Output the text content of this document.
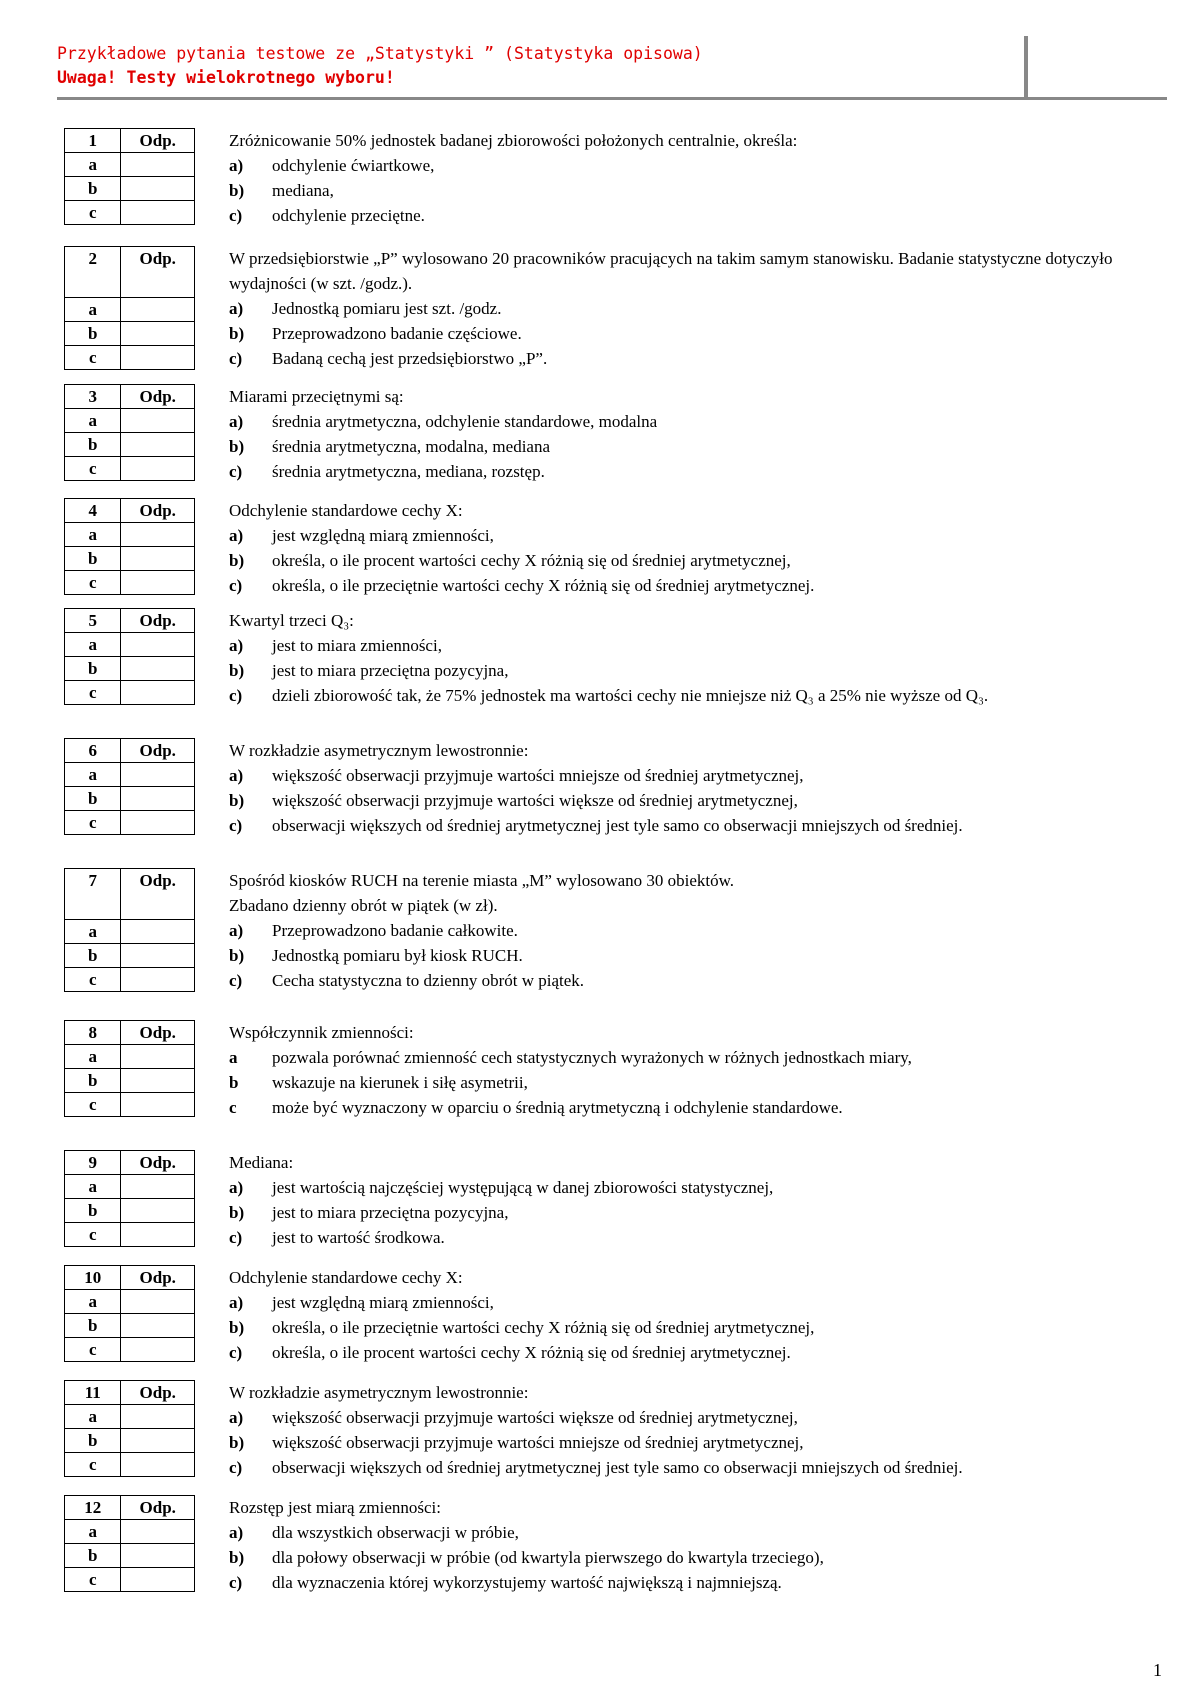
Przykładowe pytania testowe ze „Statystyki ” (Statystyka opisowa)
Uwaga! Testy wielokrotnego wyboru!
1	Odp.
a	
b	
c	
Zróżnicowanie 50% jednostek badanej zbiorowości położonych centralnie, określa:
a)	odchylenie ćwiartkowe,
b)	mediana,
c)	odchylenie przeciętne.
2	Odp.
a	
b	
c	
W przedsiębiorstwie „P” wylosowano 20 pracowników pracujących na takim samym stanowisku. Badanie statystyczne dotyczyło wydajności (w szt. /godz.).
a)	Jednostką pomiaru jest szt. /godz.
b)	Przeprowadzono badanie częściowe.
c)	Badaną cechą jest przedsiębiorstwo „P”.
3	Odp.
a	
b	
c	
Miarami przeciętnymi są:
a)	średnia arytmetyczna, odchylenie standardowe, modalna
b)	średnia arytmetyczna, modalna, mediana
c)	średnia arytmetyczna, mediana, rozstęp.
4	Odp.
a	
b	
c	
Odchylenie standardowe cechy X:
a)	jest względną miarą zmienności,
b)	określa, o ile procent wartości cechy X różnią się od średniej arytmetycznej,
c)	określa, o ile przeciętnie wartości cechy X różnią się od średniej arytmetycznej.
5	Odp.
a	
b	
c	
Kwartyl trzeci Q₃:
a)	jest to miara zmienności,
b)	jest to miara przeciętna pozycyjna,
c)	dzieli zbiorowość tak, że 75% jednostek ma wartości cechy nie mniejsze niż Q₃ a 25% nie wyższe od Q₃.
6	Odp.
a	
b	
c	
W rozkładzie asymetrycznym lewostronnie:
a)	większość obserwacji przyjmuje wartości mniejsze od średniej arytmetycznej,
b)	większość obserwacji przyjmuje wartości większe od średniej arytmetycznej,
c)	obserwacji większych od średniej arytmetycznej jest tyle samo co obserwacji mniejszych od średniej.
7	Odp.
a	
b	
c	
Spośród kiosków RUCH na terenie miasta „M” wylosowano 30 obiektów.
Zbadano dzienny obrót w piątek (w zł).
a)	Przeprowadzono badanie całkowite.
b)	Jednostką pomiaru był kiosk RUCH.
c)	Cecha statystyczna to dzienny obrót w piątek.
8	Odp.
a	
b	
c	
Współczynnik zmienności:
a	pozwala porównać zmienność cech statystycznych wyrażonych w różnych jednostkach miary,
b	wskazuje na kierunek i siłę asymetrii,
c	może być wyznaczony w oparciu o średnią arytmetyczną i odchylenie standardowe.
9	Odp.
a	
b	
c	
Mediana:
a)	jest wartością najczęściej występującą w danej zbiorowości statystycznej,
b)	jest to miara przeciętna pozycyjna,
c)	jest to wartość środkowa.
10	Odp.
a	
b	
c	
Odchylenie standardowe cechy X:
a)	jest względną miarą zmienności,
b)	określa, o ile przeciętnie wartości cechy X różnią się od średniej arytmetycznej,
c)	określa, o ile procent wartości cechy X różnią się od średniej arytmetycznej.
11	Odp.
a	
b	
c	
W rozkładzie asymetrycznym lewostronnie:
a)	większość obserwacji przyjmuje wartości większe od średniej arytmetycznej,
b)	większość obserwacji przyjmuje wartości mniejsze od średniej arytmetycznej,
c)	obserwacji większych od średniej arytmetycznej jest tyle samo co obserwacji mniejszych od średniej.
12	Odp.
a	
b	
c	
Rozstęp jest miarą zmienności:
a)	dla wszystkich obserwacji w próbie,
b)	dla połowy obserwacji w próbie (od kwartyla pierwszego do kwartyla trzeciego),
c)	dla wyznaczenia której wykorzystujemy wartość największą i najmniejszą.
1
